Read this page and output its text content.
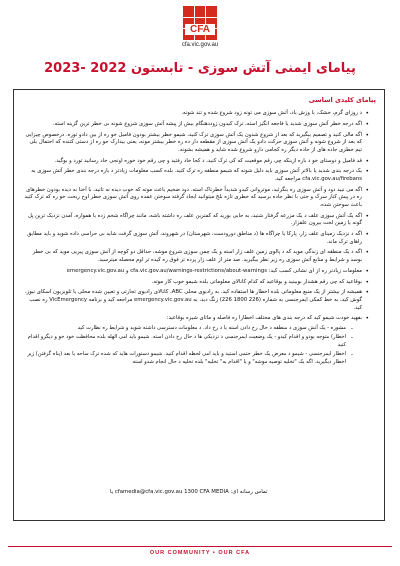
CFA
cfa.vic.gov.au
پیامای ایمنی آتش سوزی - تابستون 2022 -2023
پیامای کلیدی اساسی
• د روزای گرم، خشک، با وزش باد، آتش سوزی می تونه زود شروع شده و تند شونه.
• اگه درجه خطر آتش سوزی شدید یا فاجعه انگیز استه، ترک کیدون زوددهنگام بیش از پیشه آتش سوزی شروع شونه بی خطر ترین گزینه استه.
• اگه مالی کنید و تصمیم بیگیرید که بعد از شروع شدون یک آتش سوزی ترک کنید، شیمو خطر بیشتر بودون فامیل خو ره از بین دادو توره. درخصوص چیزایی که بعد از شروع شونه و آتش سوزی حرکت دادو یک آتش سوزی از مقطعه دار ده ره خطر بیشتر مونه، یعنی بیدارک خو ره از دستی کننده که احتمال بلی تیم خطری جاده های از حاده دیگر ره کجامی دارو شروع شده شاید و همیشه بشونه.
• قد فامیل و دوستای خو د باره ازینکه چی رقم موقعیت که کی ترک کنید، د کجا خاد رفتید و چی رقم خود خوره اونجی خاد رسانید تورد و بوگید.
• یک درجه بندی شدید یا بالاتر آتش سوزی باید دلیل شونه که شیمو منطقه ره ترک کنید. بلده کسب معلومات زیادتر د باره درجه بندی خطر آتش سوزی به cfa.vic.gov.au/firebans مراجعه کید.
• اگه می نبید دود و آتش سوزی ره بنگرئید، موتروانی کیدو شدیداً خطرناک استه. دود ضخیم باعث موته که خوب دیده نه تانید، با آخنا نه دیده بودون خطرهای ره در پیش کنار سرک و حتی با نظر جاده برسید که خطری تازه بلخ میتوانید ایجاد گرفته سوختن عمده روی آتش سوزی خطر اوخ ریخت خو ره که ترک کنید باعث سوختن شده.
• اگه یک آتش سوزی علف د یک مزرعه گرفتار شنید، به جایی بورید که کمترین علف ره داشته باشه، مانند چراگاه شخم زده یا همواره، آمدن نزدیک ترین پل گونه یا زمین لخت بیرون علفزار.
• اگه د نزدیک زمینای علف زار، پارکا یا چراگاه ها (د مناطق دورودست، شهرستان) در شهروند، آتش سوزی گرفت شاید بی حراسی داده شوید و باید مطابق راهای ترک ماند.
• اگه د یک منطقه ای زندگی موید که د پالوی زمین علف زار استه و یک چمن سوزی شروع موشه، حداقل دو کوچه از آتش سوزی پیریی موید که بی خطر بوسد و شرایط و منابع آتش سوزی ره زیر نظر بیگیرید. صد متر از علف زار پرده تر فوق ره کیده تر اوم محصله میترسید.
• معلومات زیادتر ره از ای نشانی کسب کید: cfa.vic.gov.au/warnings-restrictions/about-warnings و emergency.vic.gov.au
• بوقاعید که چی رقم هشدار بوبینید و بوقاعید که کدام کانالای معلوماتی بلده شیمو خوب کار موته.
• همیشه از بیشتر از یک منبع معلوماتی بلده اخطار ها استفاده کید. به رادیوی محلی ABC، کانالای رادیوی تجارتی و تعیین شده محلی یا تلویزیون اسکای نیوز، گوش کید، به خط کمکی ایمرجنسی به شماره (226 1800 226) زنگ دید، به emergency.vic.gov.au مراجعه کید و برنامه VicEmergency ره نصب کید.
• بفهید خودت شیمو کید که درجه بندی های مختلف اخطارا ره فاصله و ماتای شیره بوقاعید:
- مشوره - یک آتش سوزی د منطقه د حال رخ دادن استه یا د رخ داد. د معلومات دسترسی داشته شوید و شرایط ره نظارت کید
- اخطار) متوجه بودو و اقدام کیدو - یک وضعیت ایمرجنسی د نزدیکی ها د حال رخ دادن استه. شیمو باید امی الهله بلده محافظت خود خو و دیگرو اقدام کنید
- اخطار ایمرجنسی - شیمو د معرض یک خطر حتمی استید و باید امی لحظه اقدام کنید. شیمو دستورات هاید که شده ترک ساحه یا بعد (پناه گرفتن) زیر اخطار دیگیرید. اگه یک "تخلیه توصیه موشه" و یا "اقدام به" تخلیه" بلده تخلیه د حال انجام شدو استه
تماس رسانه ای: cfamedia@cfa.vic.gov.au 1300 CFA MEDIA یا
OUR COMMUNITY • OUR CFA
